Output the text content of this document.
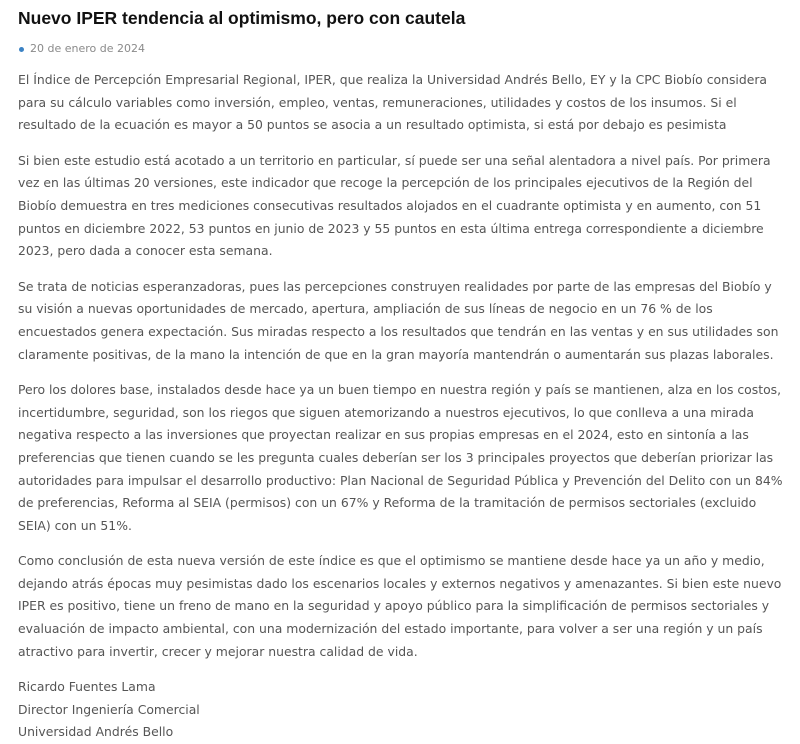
Nuevo IPER tendencia al optimismo, pero con cautela
20 de enero de 2024

El Índice de Percepción Empresarial Regional, IPER, que realiza la Universidad Andrés Bello, EY y la CPC Biobío considera para su cálculo variables como inversión, empleo, ventas, remuneraciones, utilidades y costos de los insumos. Si el resultado de la ecuación es mayor a 50 puntos se asocia a un resultado optimista, si está por debajo es pesimista

Si bien este estudio está acotado a un territorio en particular, sí puede ser una señal alentadora a nivel país. Por primera vez en las últimas 20 versiones, este indicador que recoge la percepción de los principales ejecutivos de la Región del Biobío demuestra en tres mediciones consecutivas resultados alojados en el cuadrante optimista y en aumento, con 51 puntos en diciembre 2022, 53 puntos en junio de 2023 y 55 puntos en esta última entrega correspondiente a diciembre 2023, pero dada a conocer esta semana.

Se trata de noticias esperanzadoras, pues las percepciones construyen realidades por parte de las empresas del Biobío y su visión a nuevas oportunidades de mercado, apertura, ampliación de sus líneas de negocio en un 76 % de los encuestados genera expectación. Sus miradas respecto a los resultados que tendrán en las ventas y en sus utilidades son claramente positivas, de la mano la intención de que en la gran mayoría mantendrán o aumentarán sus plazas laborales.

Pero los dolores base, instalados desde hace ya un buen tiempo en nuestra región y país se mantienen, alza en los costos, incertidumbre, seguridad, son los riegos que siguen atemorizando a nuestros ejecutivos, lo que conlleva a una mirada negativa respecto a las inversiones que proyectan realizar en sus propias empresas en el 2024, esto en sintonía a las preferencias que tienen cuando se les pregunta cuales deberían ser los 3 principales proyectos que deberían priorizar las autoridades para impulsar el desarrollo productivo: Plan Nacional de Seguridad Pública y Prevención del Delito con un 84% de preferencias, Reforma al SEIA (permisos) con un 67% y Reforma de la tramitación de permisos sectoriales (excluido SEIA) con un 51%.

Como conclusión de esta nueva versión de este índice es que el optimismo se mantiene desde hace ya un año y medio, dejando atrás épocas muy pesimistas dado los escenarios locales y externos negativos y amenazantes. Si bien este nuevo IPER es positivo, tiene un freno de mano en la seguridad y apoyo público para la simplificación de permisos sectoriales y evaluación de impacto ambiental, con una modernización del estado importante, para volver a ser una región y un país atractivo para invertir, crecer y mejorar nuestra calidad de vida.

Ricardo Fuentes Lama
Director Ingeniería Comercial
Universidad Andrés Bello
